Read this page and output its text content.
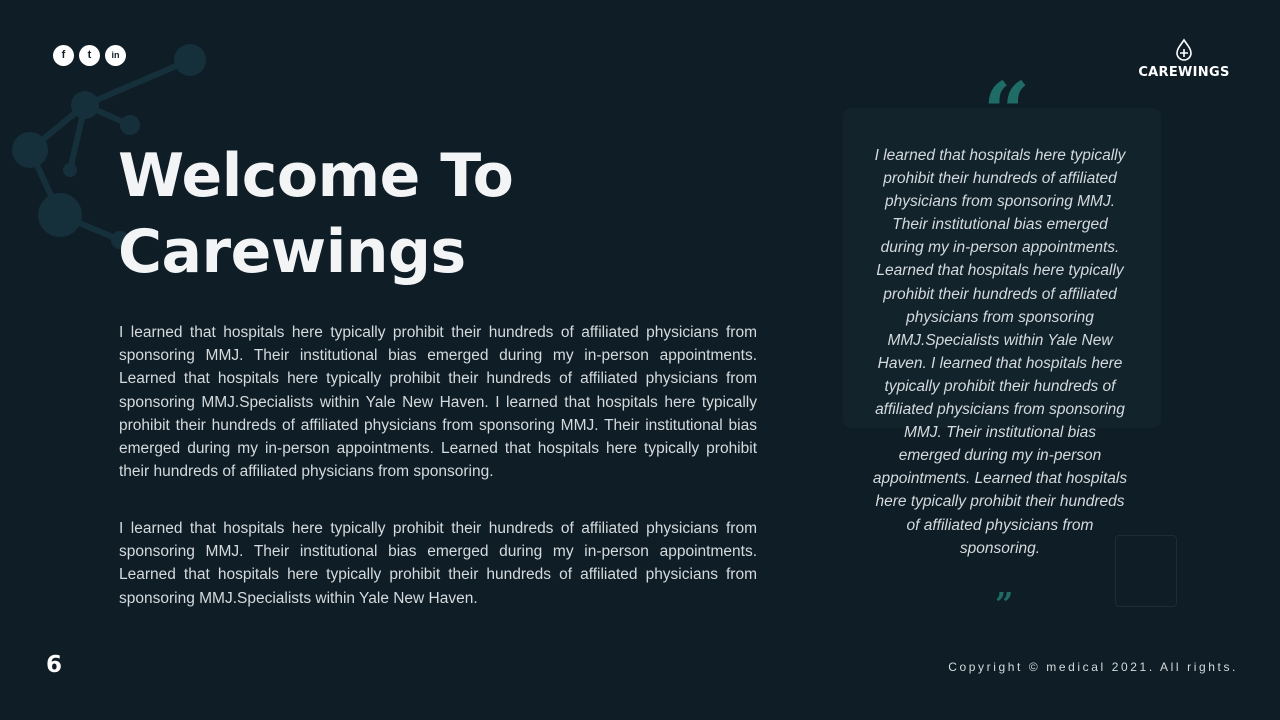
f	t	in
CAREWINGS
Welcome To
Carewings

I learned that hospitals here typically prohibit their hundreds of affiliated physicians from sponsoring MMJ. Their institutional bias emerged during my in-person appointments. Learned that hospitals here typically prohibit their hundreds of affiliated physicians from sponsoring MMJ.Specialists within Yale New Haven. I learned that hospitals here typically prohibit their hundreds of affiliated physicians from sponsoring MMJ. Their institutional bias emerged during my in-person appointments. Learned that hospitals here typically prohibit their hundreds of affiliated physicians from sponsoring.

I learned that hospitals here typically prohibit their hundreds of affiliated physicians from sponsoring MMJ. Their institutional bias emerged during my in-person appointments. Learned that hospitals here typically prohibit their hundreds of affiliated physicians from sponsoring MMJ.Specialists within Yale New Haven.

“

I learned that hospitals here typically prohibit their hundreds of affiliated physicians from sponsoring MMJ. Their institutional bias emerged during my in-person appointments. Learned that hospitals here typically prohibit their hundreds of affiliated physicians from sponsoring MMJ.Specialists within Yale New Haven. I learned that hospitals here typically prohibit their hundreds of affiliated physicians from sponsoring MMJ. Their institutional bias emerged during my in-person appointments. Learned that hospitals here typically prohibit their hundreds of affiliated physicians from sponsoring.

”
6	Copyright © medical 2021. All rights.
